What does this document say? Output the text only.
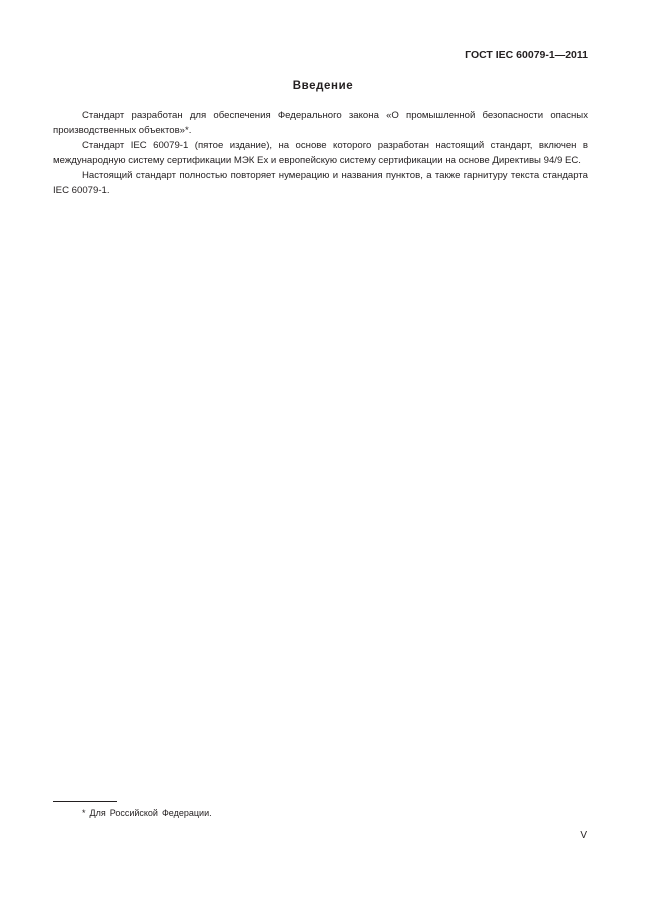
ГОСТ IEC 60079-1—2011
Введение

Стандарт разработан для обеспечения Федерального закона «О промышленной безопасности опасных производственных объектов»*.

Стандарт IEC 60079-1 (пятое издание), на основе которого разработан настоящий стандарт, включен в международную систему сертификации МЭК Ех и европейскую систему сертификации на основе Директивы 94/9 ЕС.

Настоящий стандарт полностью повторяет нумерацию и названия пунктов, а также гарнитуру текста стандарта IEC 60079-1.

* Для Российской Федерации.
V
